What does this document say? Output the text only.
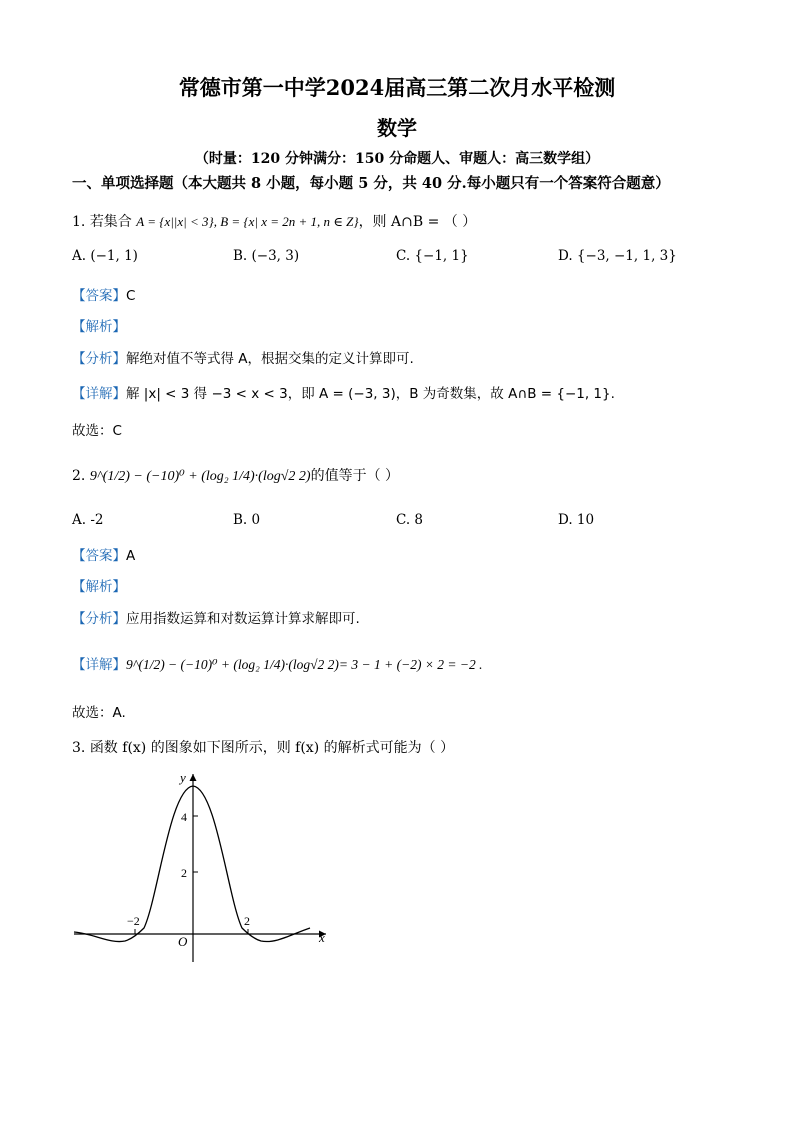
常德市第一中学2024届高三第二次月水平检测
数学
（时量：120 分钟满分：150 分命题人、审题人：高三数学组）
一、单项选择题（本大题共 8 小题，每小题 5 分，共 40 分.每小题只有一个答案符合题意）
1. 若集合 A = {x||x| < 3}, B = {x| x = 2n + 1, n ∈ Z}，则 A∩B = （ ）
A. (−1, 1)	B. (−3, 3)	C. {−1, 1}	D. {−3, −1, 1, 3}
【答案】C
【解析】
【分析】解绝对值不等式得 A，根据交集的定义计算即可.
【详解】解 |x| < 3 得 −3 < x < 3，即 A = (−3, 3)，B 为奇数集，故 A∩B = {−1, 1}.
故选：C
2. 9^(1/2) − (−10)⁰ + (log₂ 1/4)·(log√2 2)的值等于（ ）
A. -2	B. 0	C. 8	D. 10
【答案】A
【解析】
【分析】应用指数运算和对数运算计算求解即可.
【详解】9^(1/2) − (−10)⁰ + (log₂ 1/4)·(log√2 2)= 3 − 1 + (−2) × 2 = −2 .
故选：A.
3. 函数 f(x) 的图象如下图所示，则 f(x) 的解析式可能为（ ）
y
x
O
4
2
−2	2
